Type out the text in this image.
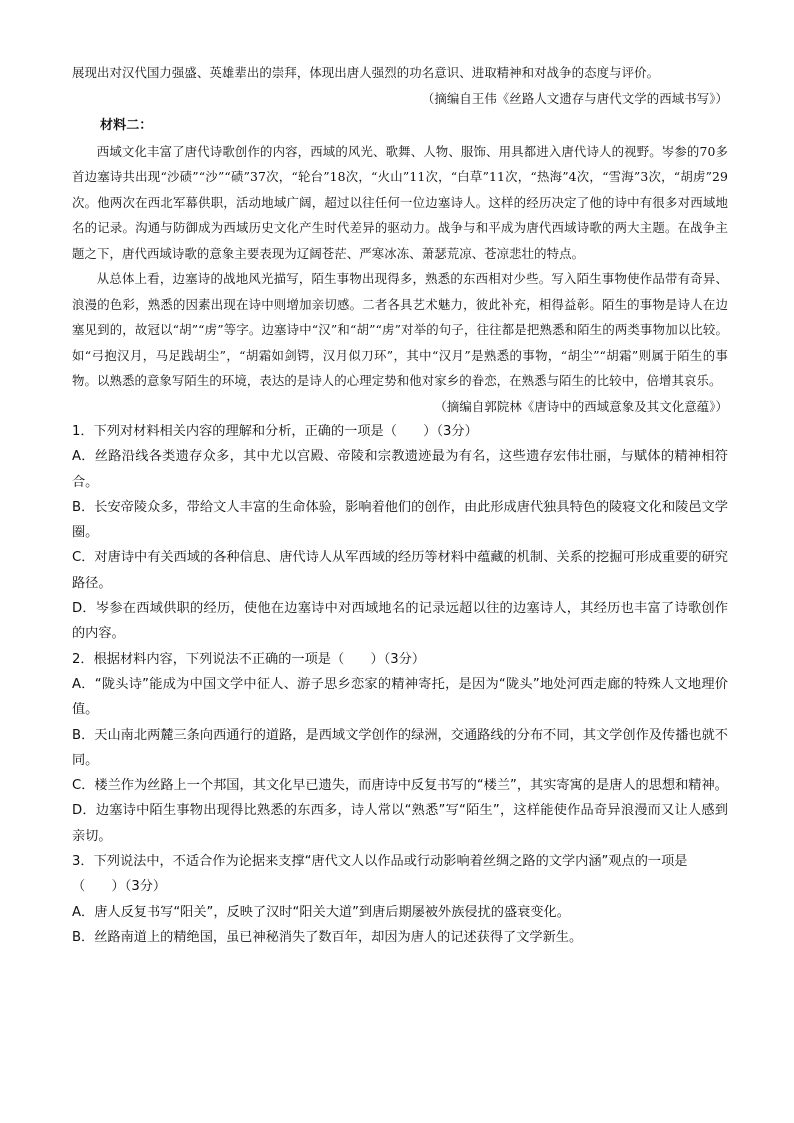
展现出对汉代国力强盛、英雄辈出的崇拜，体现出唐人强烈的功名意识、进取精神和对战争的态度与评价。

（摘编自王伟《丝路人文遗存与唐代文学的西域书写》）

材料二：

西域文化丰富了唐代诗歌创作的内容，西域的风光、歌舞、人物、服饰、用具都进入唐代诗人的视野。岑参的70多首边塞诗共出现“沙碛”“沙”“碛”37次，“轮台”18次，“火山”11次，“白草”11次，“热海”4次，“雪海”3次，“胡虏”29次。他两次在西北军幕供职，活动地域广阔，超过以往任何一位边塞诗人。这样的经历决定了他的诗中有很多对西域地名的记录。沟通与防御成为西域历史文化产生时代差异的驱动力。战争与和平成为唐代西域诗歌的两大主题。在战争主题之下，唐代西域诗歌的意象主要表现为辽阔苍茫、严寒冰冻、萧瑟荒凉、苍凉悲壮的特点。

从总体上看，边塞诗的战地风光描写，陌生事物出现得多，熟悉的东西相对少些。写入陌生事物使作品带有奇异、浪漫的色彩，熟悉的因素出现在诗中则增加亲切感。二者各具艺术魅力，彼此补充，相得益彰。陌生的事物是诗人在边塞见到的，故冠以“胡”“虏”等字。边塞诗中“汉”和“胡”“虏”对举的句子，往往都是把熟悉和陌生的两类事物加以比较。如“弓抱汉月，马足践胡尘”，“胡霜如剑锷，汉月似刀环”，其中“汉月”是熟悉的事物，“胡尘”“胡霜”则属于陌生的事物。以熟悉的意象写陌生的环境，表达的是诗人的心理定势和他对家乡的眷恋，在熟悉与陌生的比较中，倍增其哀乐。

（摘编自郭院林《唐诗中的西域意象及其文化意蕴》）

1．下列对材料相关内容的理解和分析，正确的一项是（　　）（3分）

A．丝路沿线各类遗存众多，其中尤以宫殿、帝陵和宗教遗迹最为有名，这些遗存宏伟壮丽，与赋体的精神相符合。

B．长安帝陵众多，带给文人丰富的生命体验，影响着他们的创作，由此形成唐代独具特色的陵寝文化和陵邑文学圈。

C．对唐诗中有关西域的各种信息、唐代诗人从军西域的经历等材料中蕴藏的机制、关系的挖掘可形成重要的研究路径。

D．岑参在西域供职的经历，使他在边塞诗中对西域地名的记录远超以往的边塞诗人，其经历也丰富了诗歌创作的内容。

2．根据材料内容，下列说法不正确的一项是（　　）（3分）

A．“陇头诗”能成为中国文学中征人、游子思乡恋家的精神寄托，是因为“陇头”地处河西走廊的特殊人文地理价值。

B．天山南北两麓三条向西通行的道路，是西域文学创作的绿洲，交通路线的分布不同，其文学创作及传播也就不同。

C．楼兰作为丝路上一个邦国，其文化早已遗失，而唐诗中反复书写的“楼兰”，其实寄寓的是唐人的思想和精神。

D．边塞诗中陌生事物出现得比熟悉的东西多，诗人常以“熟悉”写“陌生”，这样能使作品奇异浪漫而又让人感到亲切。

3．下列说法中，不适合作为论据来支撑“唐代文人以作品或行动影响着丝绸之路的文学内涵”观点的一项是（　　）（3分）

A．唐人反复书写“阳关”，反映了汉时“阳关大道”到唐后期屡被外族侵扰的盛衰变化。

B．丝路南道上的精绝国，虽已神秘消失了数百年，却因为唐人的记述获得了文学新生。
